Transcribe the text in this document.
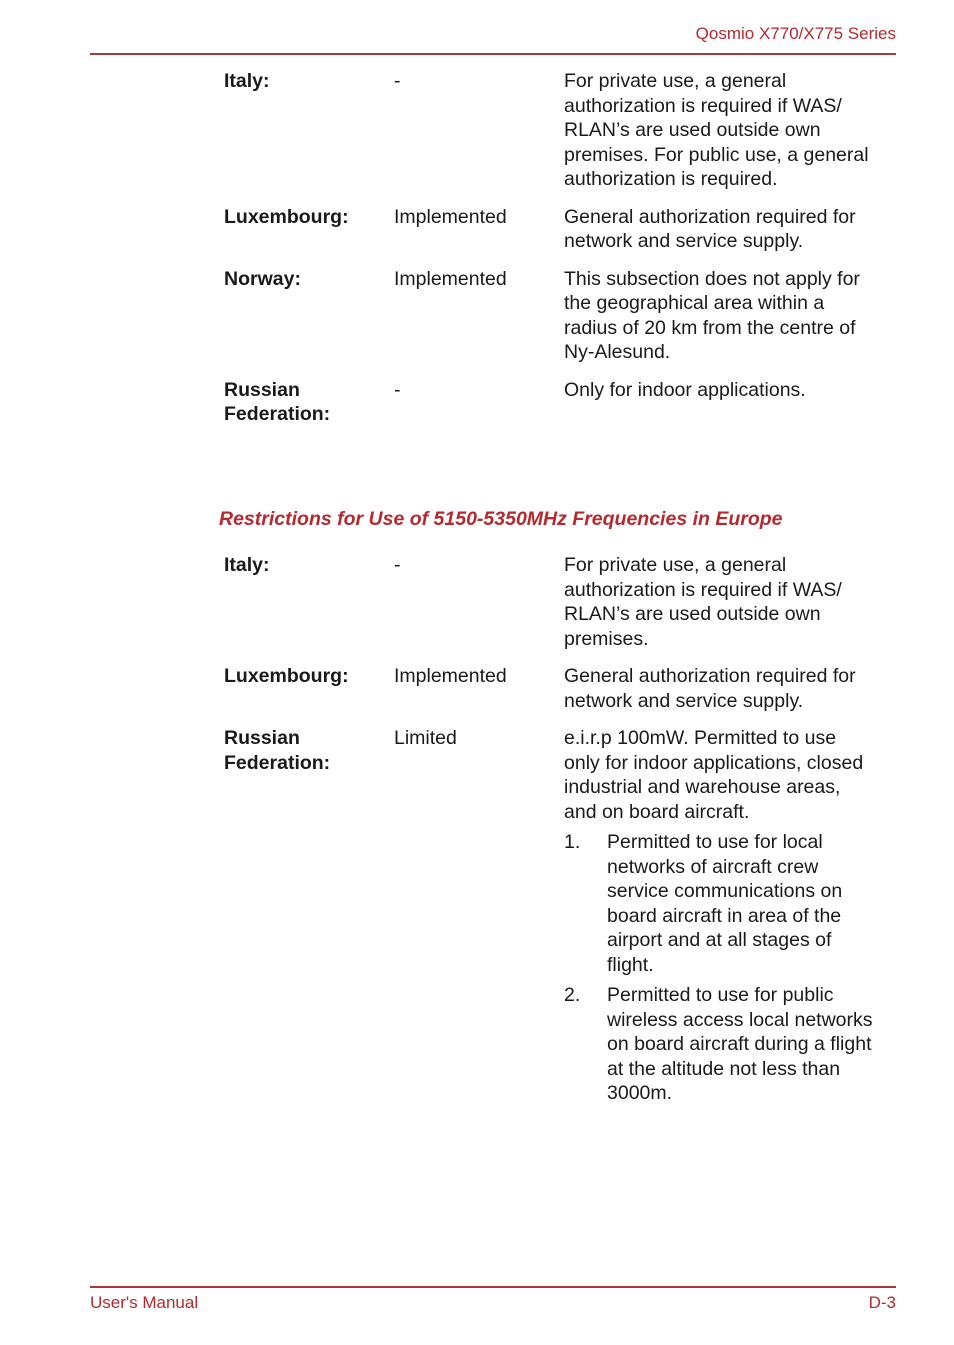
Qosmio X770/X775 Series
Italy:	-	For private use, a general
authorization is required if WAS/
RLAN’s are used outside own
premises. For public use, a general
authorization is required.
Luxembourg:	Implemented	General authorization required for
network and service supply.
Norway:	Implemented	This subsection does not apply for
the geographical area within a
radius of 20 km from the centre of
Ny-Alesund.
Russian
Federation:
-	Only for indoor applications.
Restrictions for Use of 5150-5350MHz Frequencies in Europe
Italy:	-	For private use, a general
authorization is required if WAS/
RLAN’s are used outside own
premises.
Luxembourg:	Implemented	General authorization required for
network and service supply.
Russian
Federation:
Limited	e.i.r.p 100mW. Permitted to use
only for indoor applications, closed
industrial and warehouse areas,
and on board aircraft.
1.	Permitted to use for local
networks of aircraft crew
service communications on
board aircraft in area of the
airport and at all stages of
flight.
2.	Permitted to use for public
wireless access local networks
on board aircraft during a flight
at the altitude not less than
3000m.
User's Manual	D-3
